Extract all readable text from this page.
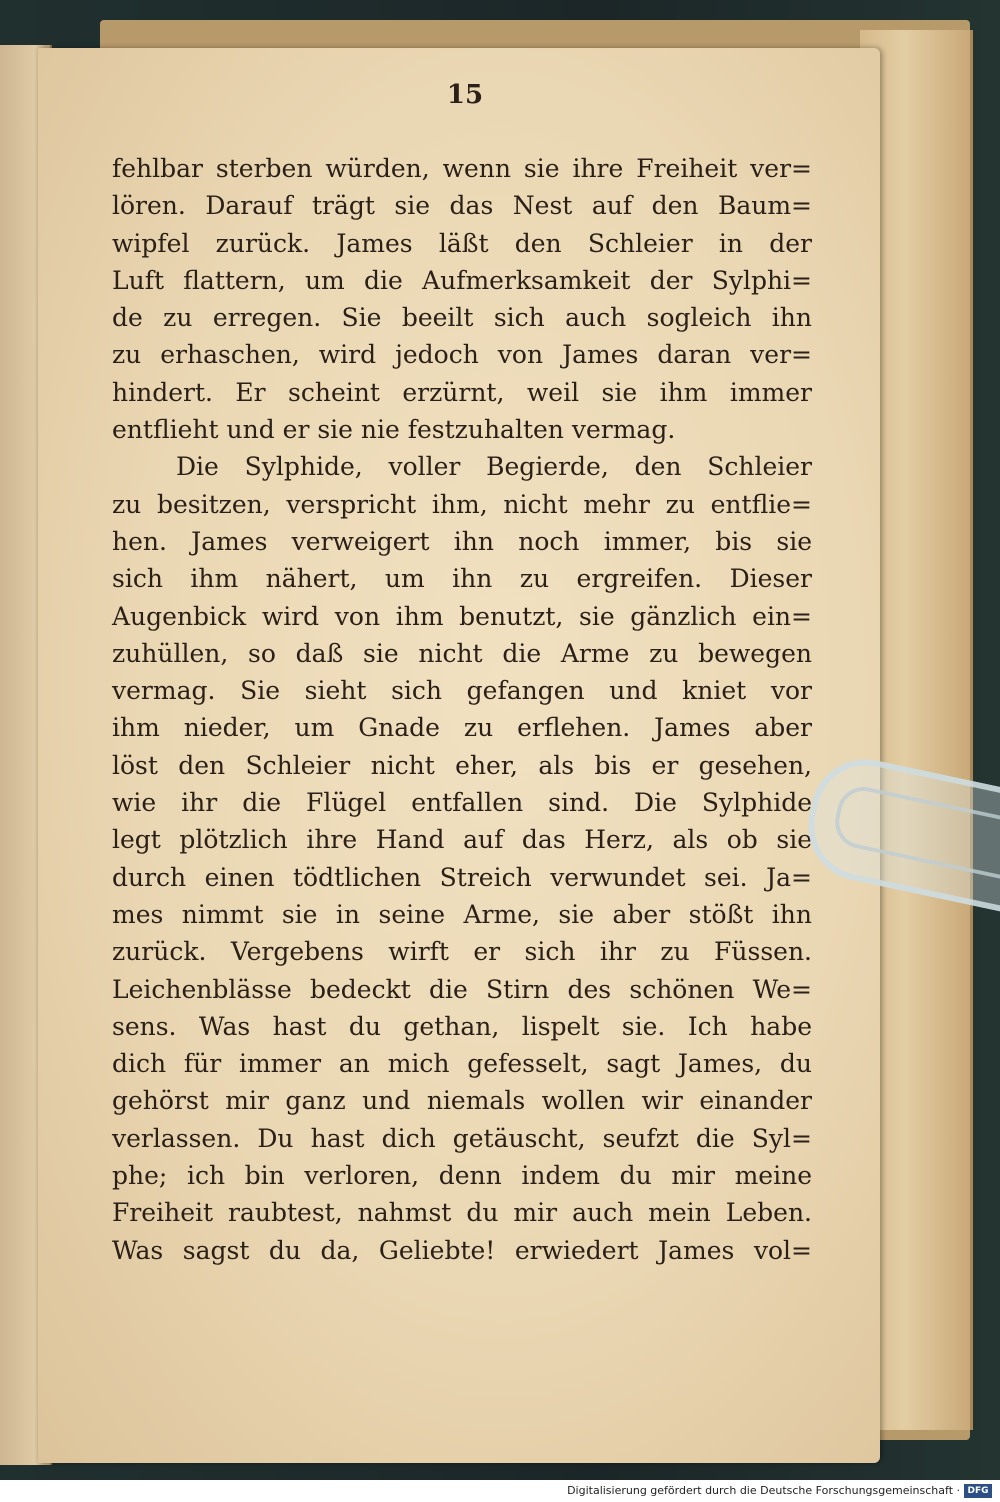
15
fehlbar sterben würden, wenn sie ihre Freiheit ver=
lören. Darauf trägt sie das Nest auf den Baum=
wipfel zurück. James läßt den Schleier in der
Luft flattern, um die Aufmerksamkeit der Sylphi=
de zu erregen. Sie beeilt sich auch sogleich ihn
zu erhaschen, wird jedoch von James daran ver=
hindert. Er scheint erzürnt, weil sie ihm immer
entflieht und er sie nie festzuhalten vermag.
Die Sylphide, voller Begierde, den Schleier
zu besitzen, verspricht ihm, nicht mehr zu entflie=
hen. James verweigert ihn noch immer, bis sie
sich ihm nähert, um ihn zu ergreifen. Dieser
Augenbick wird von ihm benutzt, sie gänzlich ein=
zuhüllen, so daß sie nicht die Arme zu bewegen
vermag. Sie sieht sich gefangen und kniet vor
ihm nieder, um Gnade zu erflehen. James aber
löst den Schleier nicht eher, als bis er gesehen,
wie ihr die Flügel entfallen sind. Die Sylphide
legt plötzlich ihre Hand auf das Herz, als ob sie
durch einen tödtlichen Streich verwundet sei. Ja=
mes nimmt sie in seine Arme, sie aber stößt ihn
zurück. Vergebens wirft er sich ihr zu Füssen.
Leichenblässe bedeckt die Stirn des schönen We=
sens. Was hast du gethan, lispelt sie. Ich habe
dich für immer an mich gefesselt, sagt James, du
gehörst mir ganz und niemals wollen wir einander
verlassen. Du hast dich getäuscht, seufzt die Syl=
phe; ich bin verloren, denn indem du mir meine
Freiheit raubtest, nahmst du mir auch mein Leben.
Was sagst du da, Geliebte! erwiedert James vol=
Digitalisierung gefördert durch die Deutsche Forschungsgemeinschaft · DFG
